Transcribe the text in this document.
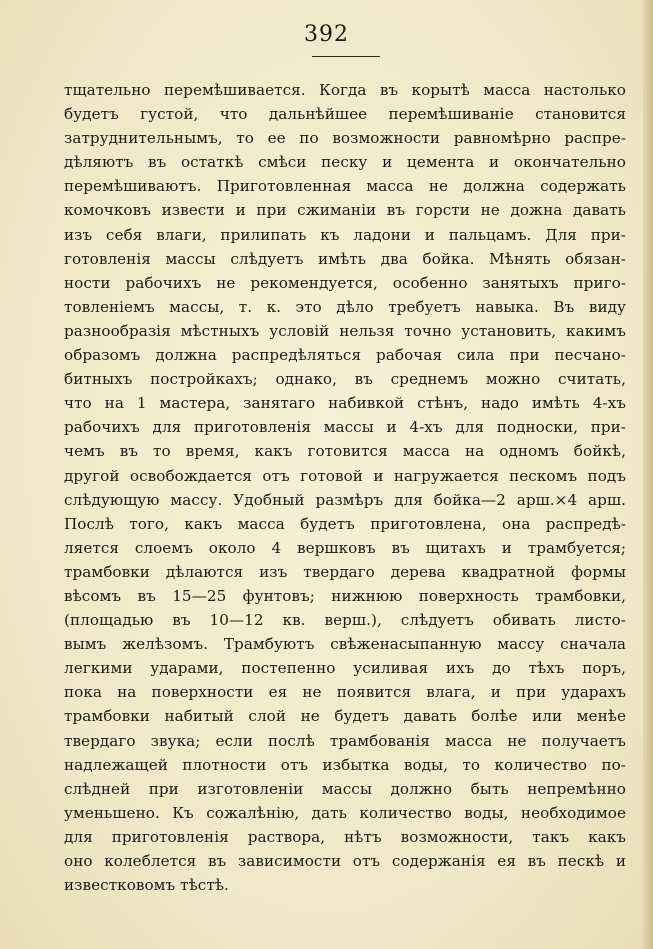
392
тщательно перемѣшивается. Когда въ корытѣ масса настолько
будетъ густой, что дальнѣйшее перемѣшиваніе становится
затруднительнымъ, то ее по возможности равномѣрно распре-
дѣляютъ въ остаткѣ смѣси песку и цемента и окончательно
перемѣшиваютъ. Приготовленная масса не должна содержать
комочковъ извести и при сжиманіи въ горсти не дожна давать
изъ себя влаги, прилипать къ ладони и пальцамъ. Для при-
готовленія массы слѣдуетъ имѣть два бойка. Мѣнять обязан-
ности рабочихъ не рекомендуется, особенно занятыхъ приго-
товленіемъ массы, т. к. это дѣло требуетъ навыка. Въ виду
разнообразія мѣстныхъ условій нельзя точно установить, какимъ
образомъ должна распредѣляться рабочая сила при песчано-
битныхъ постройкахъ; однако, въ среднемъ можно считать,
что на 1 мастера, занятаго набивкой стѣнъ, надо имѣть 4-хъ
рабочихъ для приготовленія массы и 4-хъ для подноски, при-
чемъ въ то время, какъ готовится масса на одномъ бойкѣ,
другой освобождается отъ готовой и нагружается пескомъ подъ
слѣдующую массу. Удобный размѣръ для бойка—2 арш.×4 арш.
Послѣ того, какъ масса будетъ приготовлена, она распредѣ-
ляется слоемъ около 4 вершковъ въ щитахъ и трамбуется;
трамбовки дѣлаются изъ твердаго дерева квадратной формы
вѣсомъ въ 15—25 фунтовъ; нижнюю поверхность трамбовки,
(площадью въ 10—12 кв. верш.), слѣдуетъ обивать листо-
вымъ желѣзомъ. Трамбуютъ свѣженасыпанную массу сначала
легкими ударами, постепенно усиливая ихъ до тѣхъ поръ,
пока на поверхности ея не появится влага, и при ударахъ
трамбовки набитый слой не будетъ давать болѣе или менѣе
твердаго звука; если послѣ трамбованія масса не получаетъ
надлежащей плотности отъ избытка воды, то количество по-
слѣдней при изготовленіи массы должно быть непремѣнно
уменьшено. Къ сожалѣнію, дать количество воды, необходимое
для приготовленія раствора, нѣтъ возможности, такъ какъ
оно колеблется въ зависимости отъ содержанія ея въ пескѣ и
известковомъ тѣстѣ.
